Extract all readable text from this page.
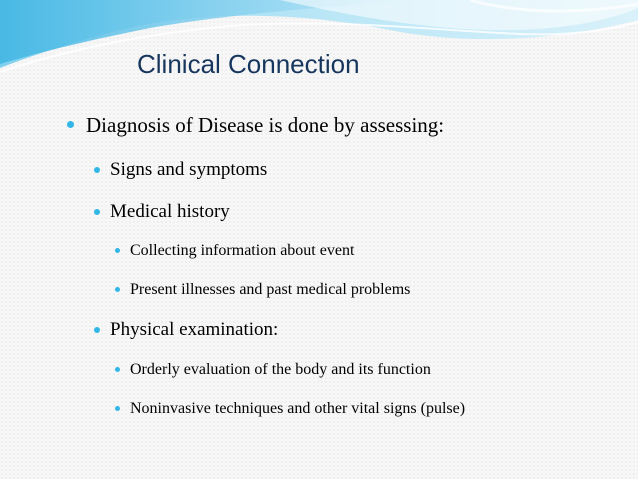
Clinical Connection
Diagnosis of Disease is done by assessing:
Signs and symptoms
Medical history
Collecting information about event
Present illnesses and past medical problems
Physical examination:
Orderly evaluation of the body and its function
Noninvasive techniques and other vital signs (pulse)
